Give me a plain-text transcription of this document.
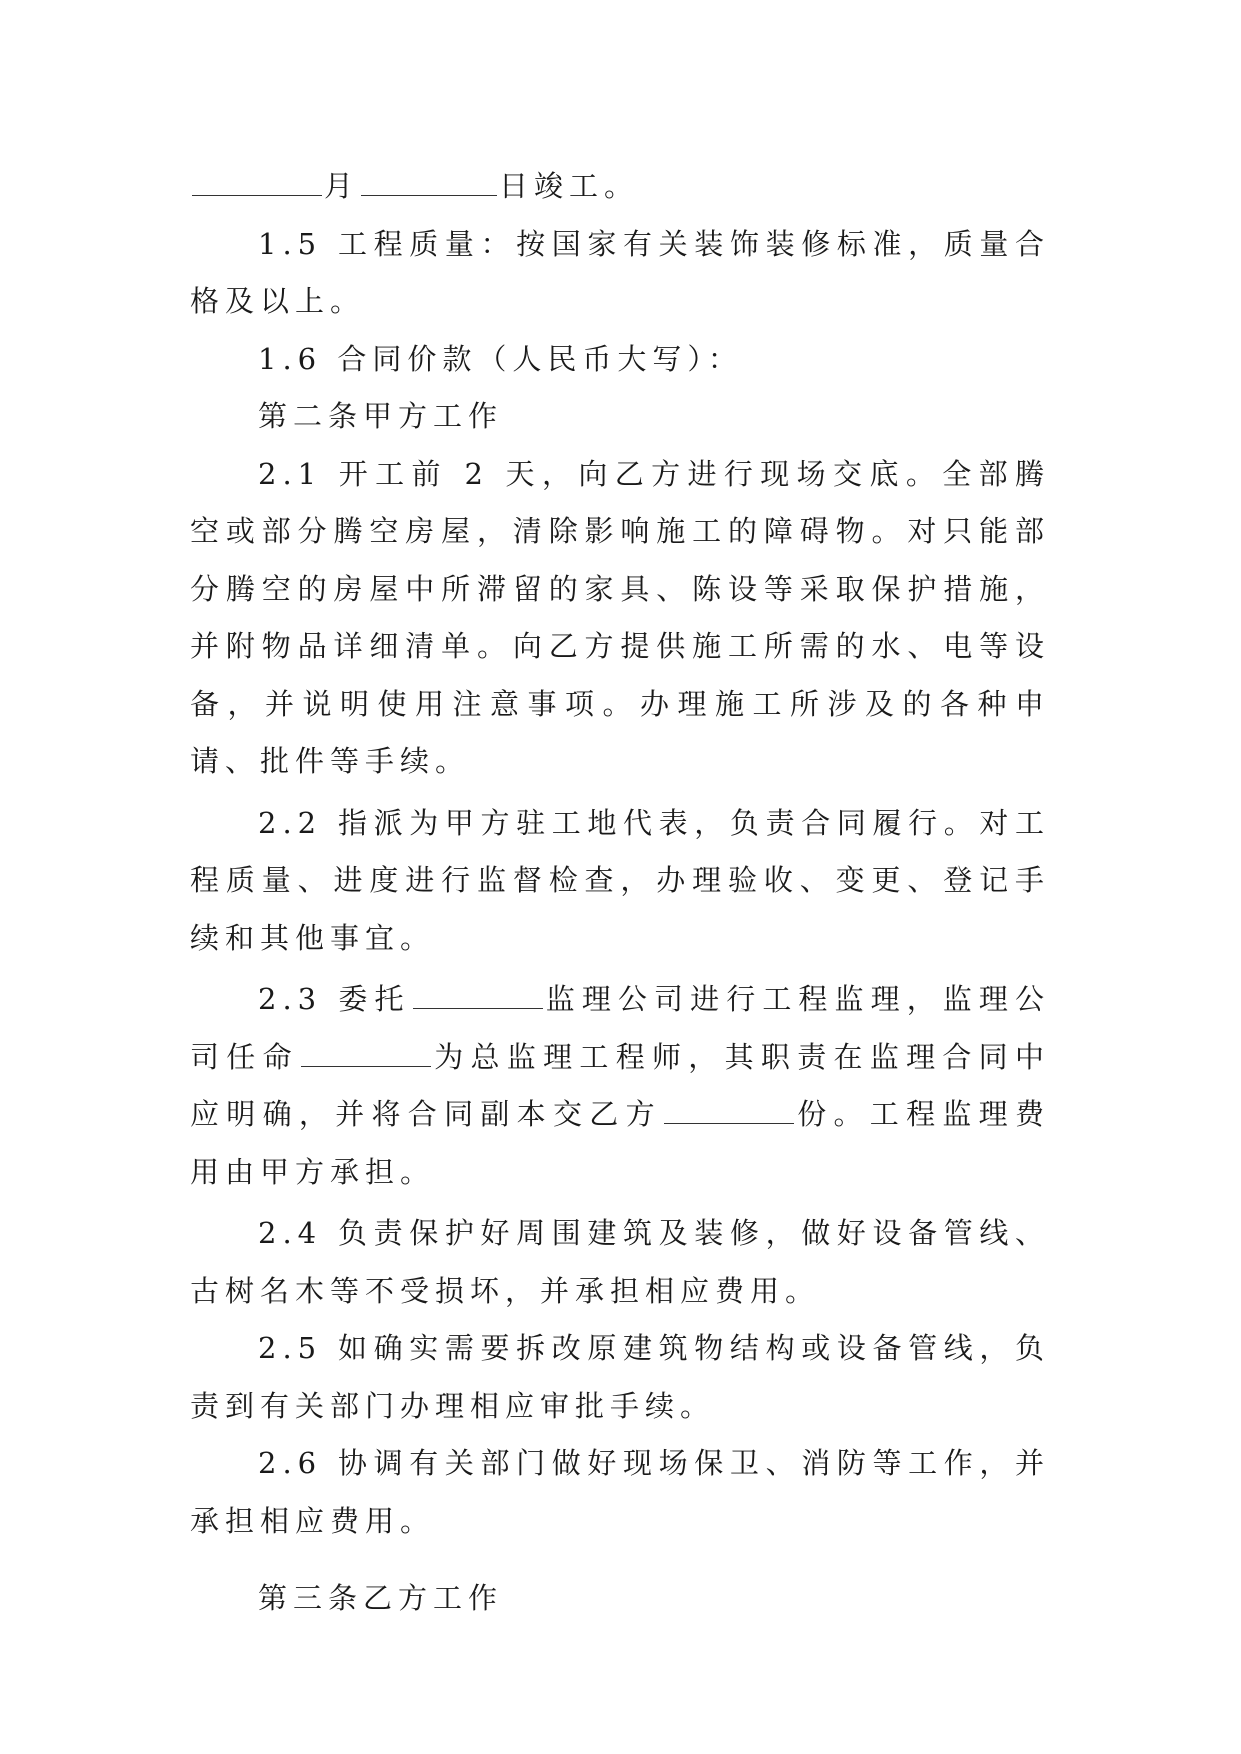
月	日竣工。

1.5 工程质量：按国家有关装饰装修标准，质量合格及以上。

1.6 合同价款（人民币大写）：

第二条甲方工作

2.1 开工前 2 天，向乙方进行现场交底。全部腾空或部分腾空房屋，清除影响施工的障碍物。对只能部分腾空的房屋中所滞留的家具、陈设等采取保护措施，并附物品详细清单。向乙方提供施工所需的水、电等设备，并说明使用注意事项。办理施工所涉及的各种申请、批件等手续。

2.2 指派为甲方驻工地代表，负责合同履行。对工程质量、进度进行监督检查，办理验收、变更、登记手续和其他事宜。

2.3 委托	监理公司进行工程监理，监理公司任命	为总监理工程师，其职责在监理合同中应明确，并将合同副本交乙方	份。工程监理费用由甲方承担。

2.4 负责保护好周围建筑及装修，做好设备管线、古树名木等不受损坏，并承担相应费用。

2.5 如确实需要拆改原建筑物结构或设备管线，负责到有关部门办理相应审批手续。

2.6 协调有关部门做好现场保卫、消防等工作，并承担相应费用。

第三条乙方工作
